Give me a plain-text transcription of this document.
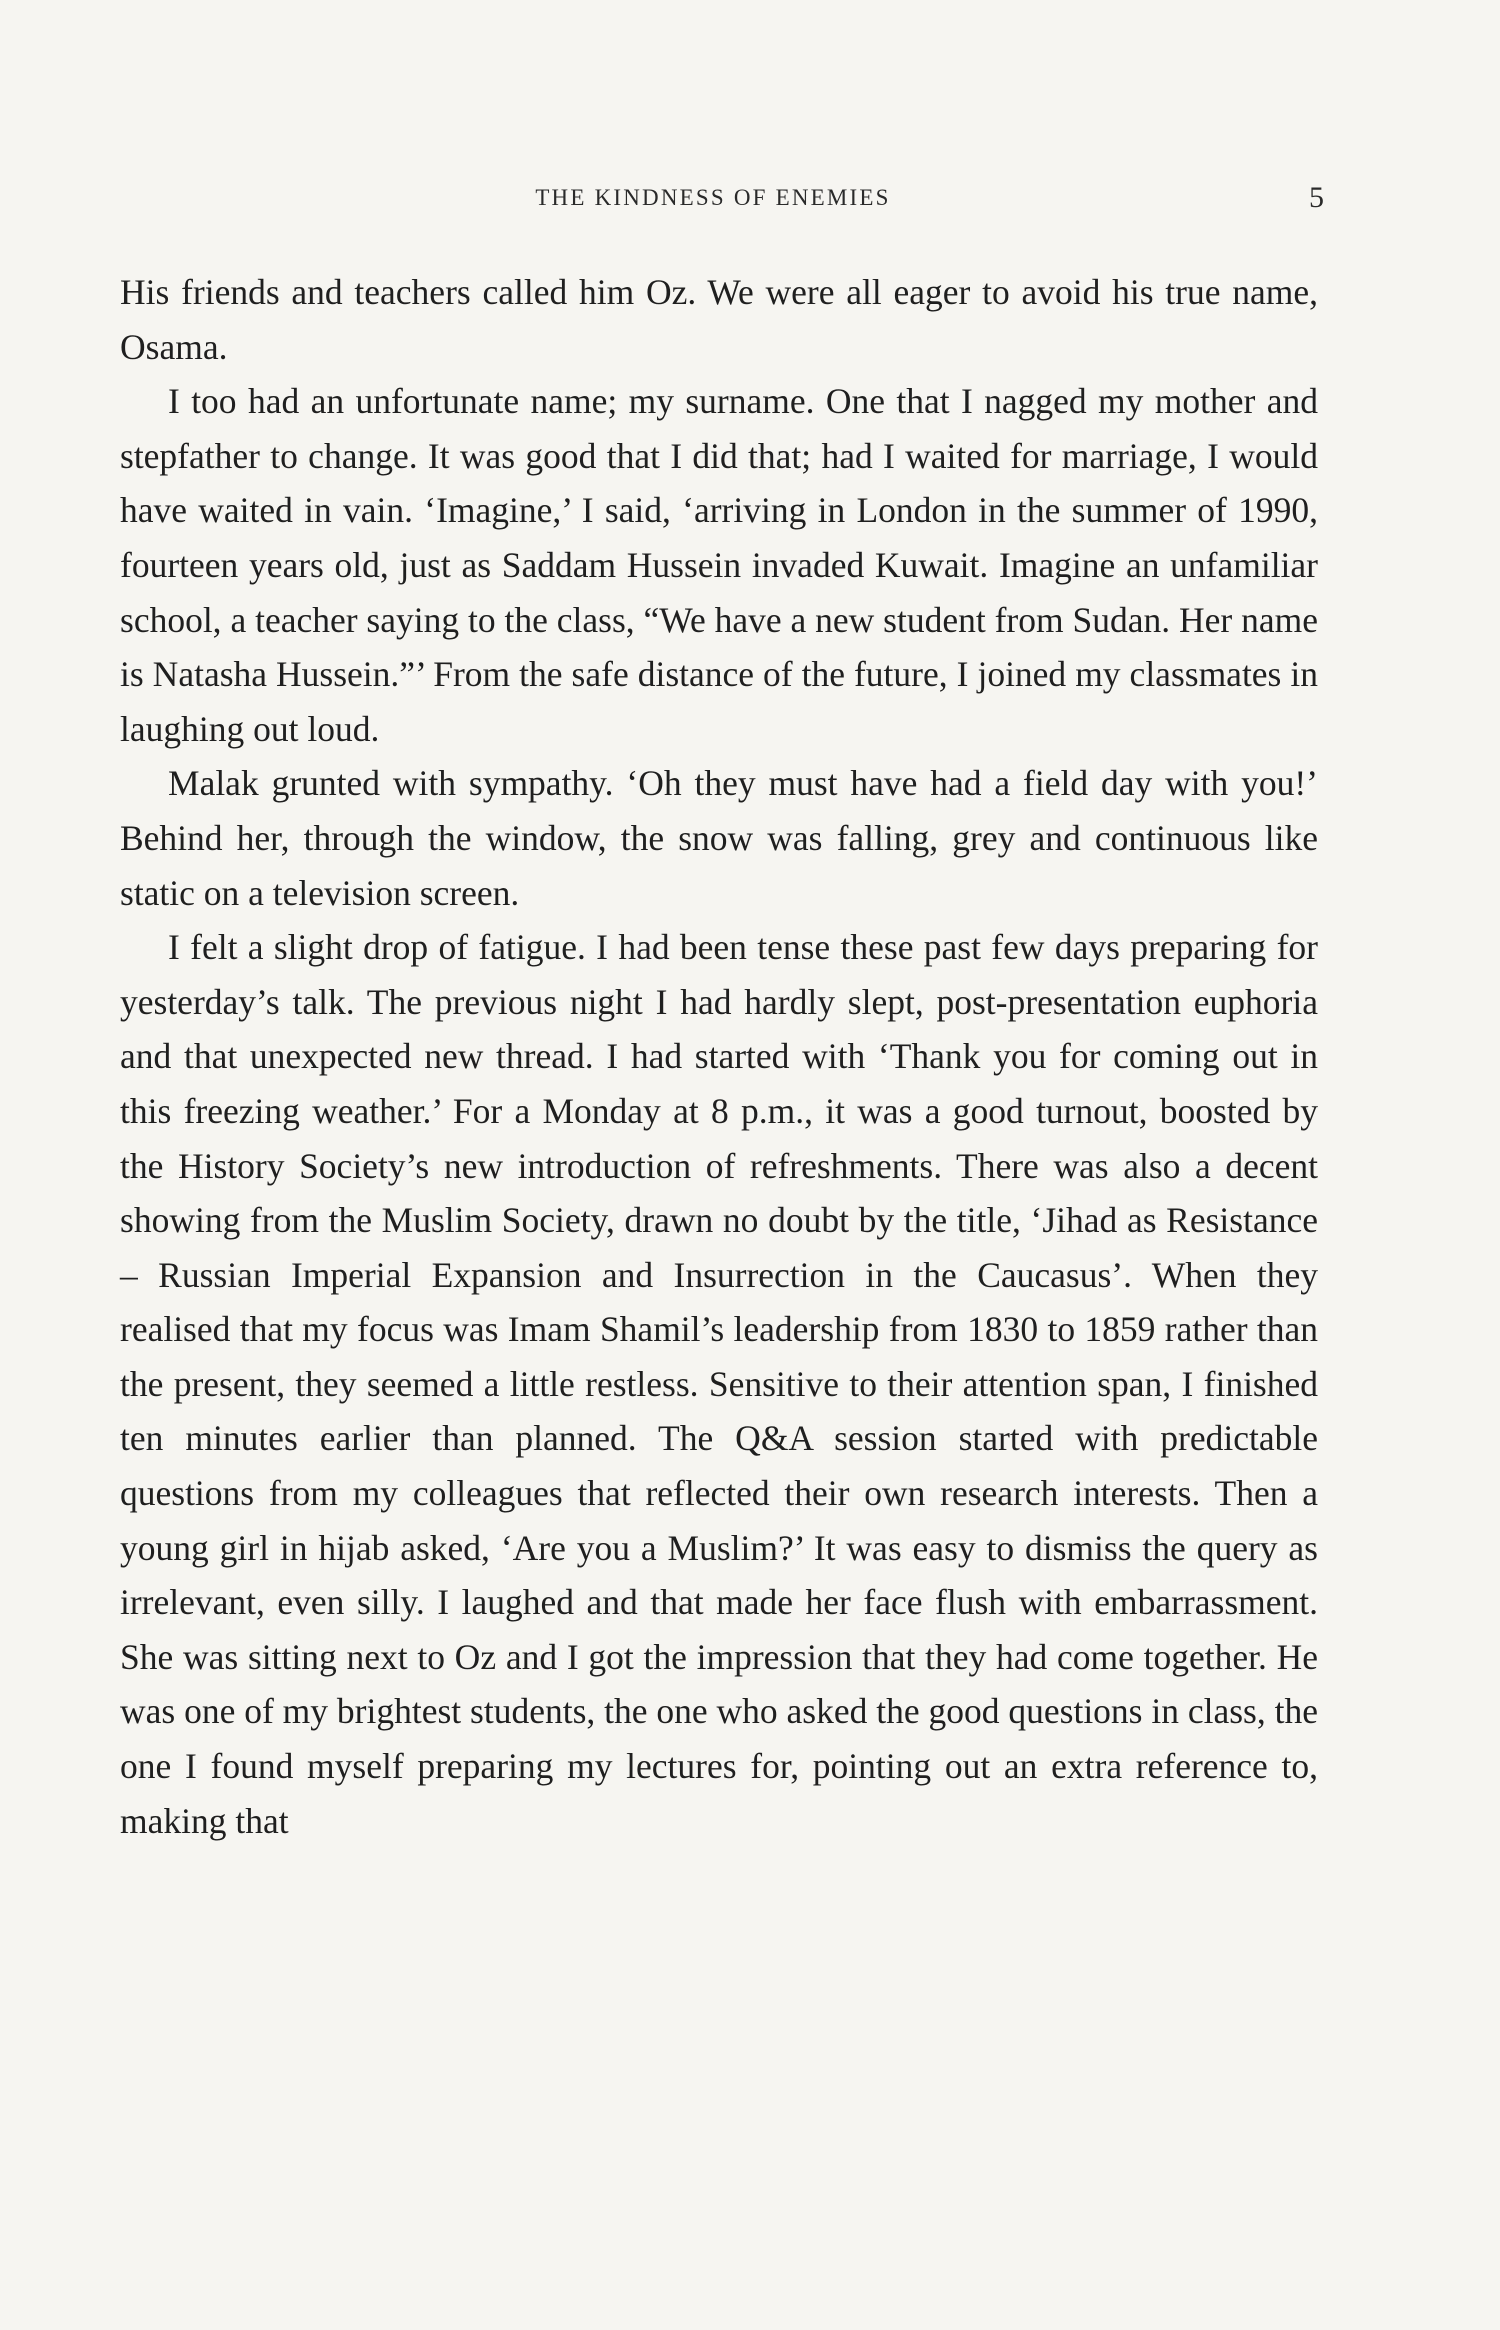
THE KINDNESS OF ENEMIES	5

His friends and teachers called him Oz. We were all eager to avoid his true name, Osama.

I too had an unfortunate name; my surname. One that I nagged my mother and stepfather to change. It was good that I did that; had I waited for marriage, I would have waited in vain. ‘Imagine,’ I said, ‘arriving in London in the summer of 1990, fourteen years old, just as Saddam Hussein invaded Kuwait. Imagine an unfamiliar school, a teacher saying to the class, “We have a new student from Sudan. Her name is Natasha Hussein.”’ From the safe distance of the future, I joined my classmates in laughing out loud.

Malak grunted with sympathy. ‘Oh they must have had a field day with you!’ Behind her, through the window, the snow was falling, grey and continuous like static on a television screen.

I felt a slight drop of fatigue. I had been tense these past few days preparing for yesterday’s talk. The previous night I had hardly slept, post-presentation euphoria and that unexpected new thread. I had started with ‘Thank you for coming out in this freezing weather.’ For a Monday at 8 p.m., it was a good turnout, boosted by the History Society’s new introduction of refreshments. There was also a decent showing from the Muslim Society, drawn no doubt by the title, ‘Jihad as Resistance – Russian Imperial Expansion and Insurrection in the Caucasus’. When they realised that my focus was Imam Shamil’s leadership from 1830 to 1859 rather than the present, they seemed a little restless. Sensitive to their attention span, I finished ten minutes earlier than planned. The Q&A session started with predictable questions from my colleagues that reflected their own research interests. Then a young girl in hijab asked, ‘Are you a Muslim?’ It was easy to dismiss the query as irrelevant, even silly. I laughed and that made her face flush with embarrassment. She was sitting next to Oz and I got the impression that they had come together. He was one of my brightest students, the one who asked the good questions in class, the one I found myself preparing my lectures for, pointing out an extra reference to, making that
